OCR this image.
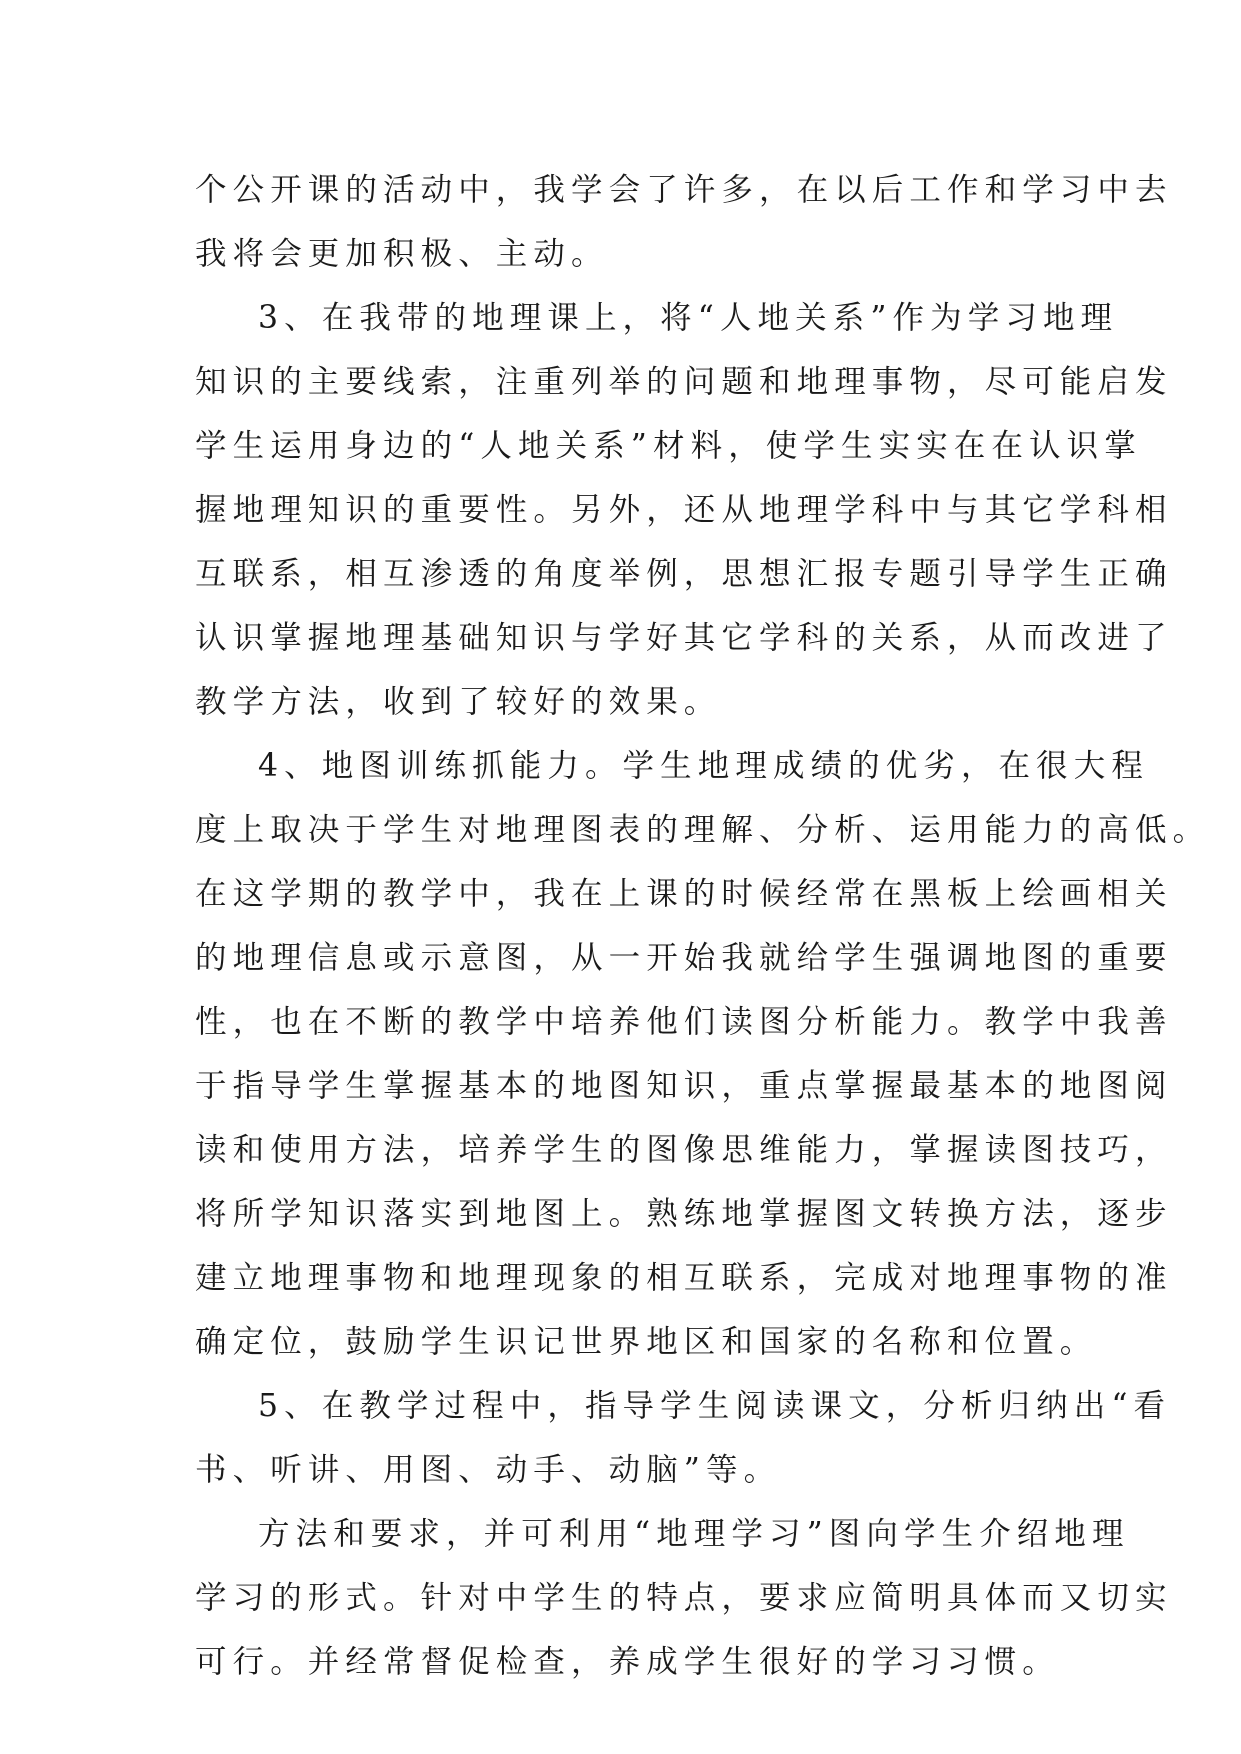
个公开课的活动中，我学会了许多，在以后工作和学习中去
我将会更加积极、主动。
3、在我带的地理课上，将“人地关系”作为学习地理
知识的主要线索，注重列举的问题和地理事物，尽可能启发
学生运用身边的“人地关系”材料，使学生实实在在认识掌
握地理知识的重要性。另外，还从地理学科中与其它学科相
互联系，相互渗透的角度举例，思想汇报专题引导学生正确
认识掌握地理基础知识与学好其它学科的关系，从而改进了
教学方法，收到了较好的效果。
4、地图训练抓能力。学生地理成绩的优劣，在很大程
度上取决于学生对地理图表的理解、分析、运用能力的高低。
在这学期的教学中，我在上课的时候经常在黑板上绘画相关
的地理信息或示意图，从一开始我就给学生强调地图的重要
性，也在不断的教学中培养他们读图分析能力。教学中我善
于指导学生掌握基本的地图知识，重点掌握最基本的地图阅
读和使用方法，培养学生的图像思维能力，掌握读图技巧，
将所学知识落实到地图上。熟练地掌握图文转换方法，逐步
建立地理事物和地理现象的相互联系，完成对地理事物的准
确定位，鼓励学生识记世界地区和国家的名称和位置。
5、在教学过程中，指导学生阅读课文，分析归纳出“看
书、听讲、用图、动手、动脑”等。
方法和要求，并可利用“地理学习”图向学生介绍地理
学习的形式。针对中学生的特点，要求应简明具体而又切实
可行。并经常督促检查，养成学生很好的学习习惯。
